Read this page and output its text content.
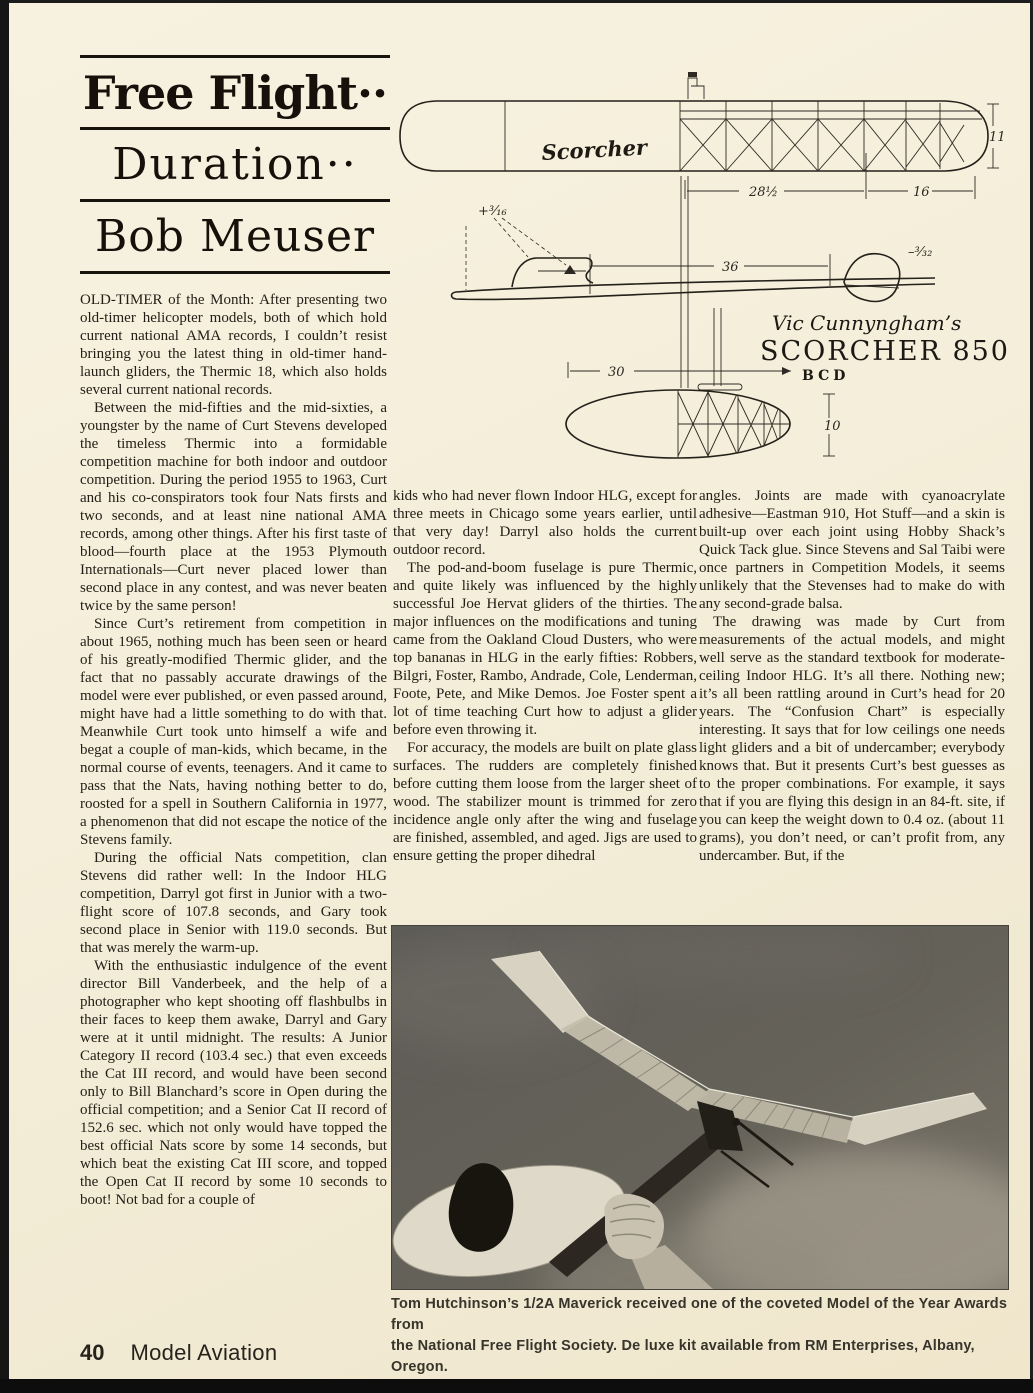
Free Flight··
Duration··
Bob Meuser

OLD-TIMER of the Month: After presenting two old-timer helicopter models, both of which hold current national AMA records, I couldn’t resist bringing you the latest thing in old-timer hand-launch gliders, the Thermic 18, which also holds several current national records.

Between the mid-fifties and the mid-sixties, a youngster by the name of Curt Stevens developed the timeless Thermic into a formidable competition machine for both indoor and outdoor competition. During the period 1955 to 1963, Curt and his co-conspirators took four Nats firsts and two seconds, and at least nine national AMA records, among other things. After his first taste of blood—fourth place at the 1953 Plymouth Internationals—Curt never placed lower than second place in any contest, and was never beaten twice by the same person!

Since Curt’s retirement from competition in about 1965, nothing much has been seen or heard of his greatly-modified Thermic glider, and the fact that no passably accurate drawings of the model were ever published, or even passed around, might have had a little something to do with that. Meanwhile Curt took unto himself a wife and begat a couple of man-kids, which became, in the normal course of events, teenagers. And it came to pass that the Nats, having nothing better to do, roosted for a spell in Southern California in 1977, a phenomenon that did not escape the notice of the Stevens family.

During the official Nats competition, clan Stevens did rather well: In the Indoor HLG competition, Darryl got first in Junior with a two-flight score of 107.8 seconds, and Gary took second place in Senior with 119.0 seconds. But that was merely the warm-up.

With the enthusiastic indulgence of the event director Bill Vanderbeek, and the help of a photographer who kept shooting off flashbulbs in their faces to keep them awake, Darryl and Gary were at it until midnight. The results: A Junior Category II record (103.4 sec.) that even exceeds the Cat III record, and would have been second only to Bill Blanchard’s score in Open during the official competition; and a Senior Cat II record of 152.6 sec. which not only would have topped the best official Nats score by some 14 seconds, but which beat the existing Cat III score, and topped the Open Cat II record by some 10 seconds to boot! Not bad for a couple of

kids who had never flown Indoor HLG, except for three meets in Chicago some years earlier, until that very day! Darryl also holds the current outdoor record.

The pod-and-boom fuselage is pure Thermic, and quite likely was influenced by the highly successful Joe Hervat gliders of the thirties. The major influences on the modifications and tuning came from the Oakland Cloud Dusters, who were top bananas in HLG in the early fifties: Robbers, Bilgri, Foster, Rambo, Andrade, Cole, Lenderman, Foote, Pete, and Mike Demos. Joe Foster spent a lot of time teaching Curt how to adjust a glider before even throwing it.

For accuracy, the models are built on plate glass surfaces. The rudders are completely finished before cutting them loose from the larger sheet of wood. The stabilizer mount is trimmed for zero incidence angle only after the wing and fuselage are finished, assembled, and aged. Jigs are used to ensure getting the proper dihedral

angles. Joints are made with cyanoacrylate adhesive—Eastman 910, Hot Stuff—and a skin is built-up over each joint using Hobby Shack’s Quick Tack glue. Since Stevens and Sal Taibi were once partners in Competition Models, it seems unlikely that the Stevenses had to make do with any second-grade balsa.

The drawing was made by Curt from measurements of the actual models, and might well serve as the standard textbook for moderate-ceiling Indoor HLG. It’s all there. Nothing new; it’s all been rattling around in Curt’s head for 20 years. The “Confusion Chart” is especially interesting. It says that for low ceilings one needs light gliders and a bit of undercamber; everybody knows that. But it presents Curt’s best guesses as to the proper combinations. For example, it says that if you are flying this design in an 84-ft. site, if you can keep the weight down to 0.4 oz. (about 11 grams), you don’t need, or can’t profit from, any undercamber. But, if the

Scorcher
28½	16
11
+³⁄₁₆
–³⁄₃₂
36
Vic Cunnyngham’s
SCORCHER 850
BCD
30
10
Tom Hutchinson’s 1/2A Maverick received one of the coveted Model of the Year Awards from
the National Free Flight Society. De luxe kit available from RM Enterprises, Albany, Oregon.
40 Model Aviation
